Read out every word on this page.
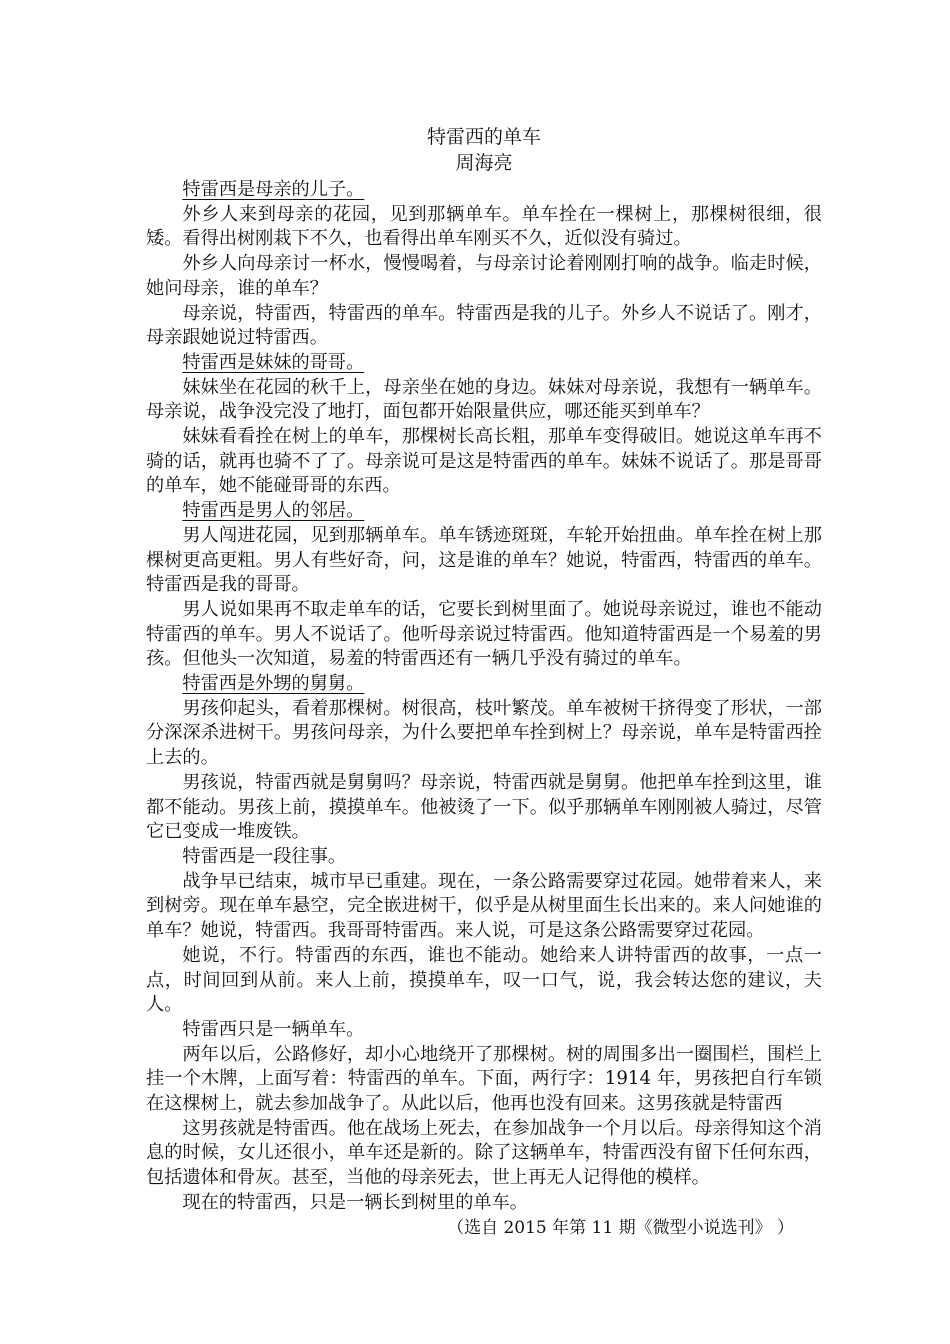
特雷西的单车
周海亮

特雷西是母亲的儿子。

外乡人来到母亲的花园，见到那辆单车。单车拴在一棵树上，那棵树很细，很矮。看得出树刚栽下不久，也看得出单车刚买不久，近似没有骑过。

外乡人向母亲讨一杯水，慢慢喝着，与母亲讨论着刚刚打响的战争。临走时候，她问母亲，谁的单车？

母亲说，特雷西，特雷西的单车。特雷西是我的儿子。外乡人不说话了。刚才，母亲跟她说过特雷西。

特雷西是妹妹的哥哥。

妹妹坐在花园的秋千上，母亲坐在她的身边。妹妹对母亲说，我想有一辆单车。母亲说，战争没完没了地打，面包都开始限量供应，哪还能买到单车？

妹妹看看拴在树上的单车，那棵树长高长粗，那单车变得破旧。她说这单车再不骑的话，就再也骑不了了。母亲说可是这是特雷西的单车。妹妹不说话了。那是哥哥的单车，她不能碰哥哥的东西。

特雷西是男人的邻居。

男人闯进花园，见到那辆单车。单车锈迹斑斑，车轮开始扭曲。单车拴在树上那棵树更高更粗。男人有些好奇，问，这是谁的单车？她说，特雷西，特雷西的单车。特雷西是我的哥哥。

男人说如果再不取走单车的话，它要长到树里面了。她说母亲说过，谁也不能动特雷西的单车。男人不说话了。他听母亲说过特雷西。他知道特雷西是一个易羞的男孩。但他头一次知道，易羞的特雷西还有一辆几乎没有骑过的单车。

特雷西是外甥的舅舅。

男孩仰起头，看着那棵树。树很高，枝叶繁茂。单车被树干挤得变了形状，一部分深深杀进树干。男孩问母亲，为什么要把单车拴到树上？母亲说，单车是特雷西拴上去的。

男孩说，特雷西就是舅舅吗？母亲说，特雷西就是舅舅。他把单车拴到这里，谁都不能动。男孩上前，摸摸单车。他被烫了一下。似乎那辆单车刚刚被人骑过，尽管它已变成一堆废铁。

特雷西是一段往事。

战争早已结束，城市早已重建。现在，一条公路需要穿过花园。她带着来人，来到树旁。现在单车悬空，完全嵌进树干，似乎是从树里面生长出来的。来人问她谁的单车？她说，特雷西。我哥哥特雷西。来人说，可是这条公路需要穿过花园。

她说，不行。特雷西的东西，谁也不能动。她给来人讲特雷西的故事，一点一点，时间回到从前。来人上前，摸摸单车，叹一口气，说，我会转达您的建议，夫人。

特雷西只是一辆单车。

两年以后，公路修好，却小心地绕开了那棵树。树的周围多出一圈围栏，围栏上挂一个木牌，上面写着：特雷西的单车。下面，两行字：1914 年，男孩把自行车锁在这棵树上，就去参加战争了。从此以后，他再也没有回来。这男孩就是特雷西

这男孩就是特雷西。他在战场上死去，在参加战争一个月以后。母亲得知这个消息的时候，女儿还很小，单车还是新的。除了这辆单车，特雷西没有留下任何东西，包括遗体和骨灰。甚至，当他的母亲死去，世上再无人记得他的模样。

现在的特雷西，只是一辆长到树里的单车。

（选自 2015 年第 11 期《微型小说选刊》 ）
